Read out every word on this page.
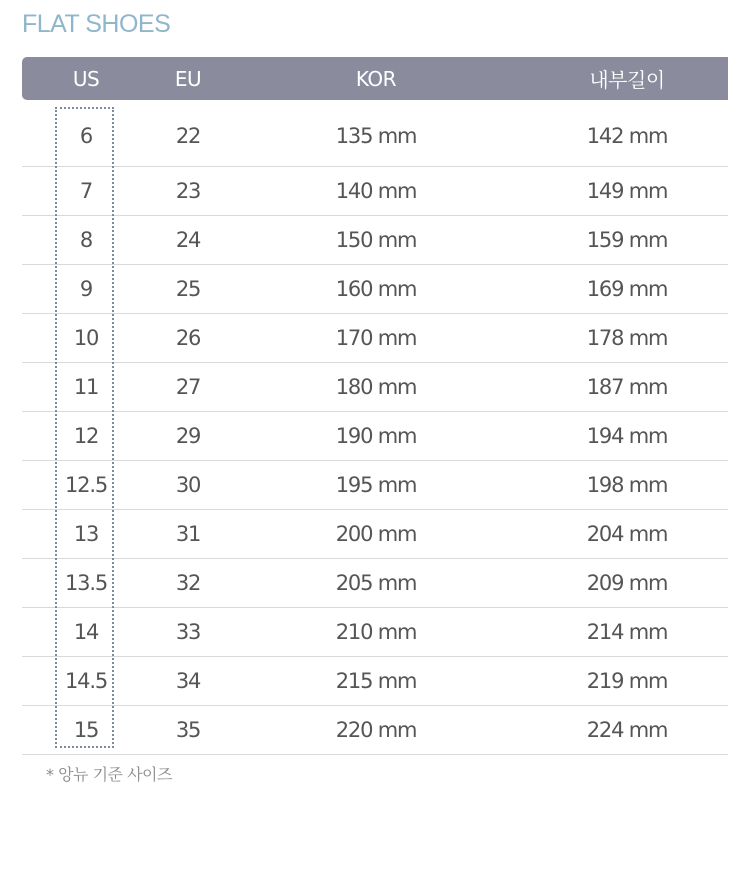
FLAT SHOES
US	EU	KOR	내부길이
6	22	135 mm	142 mm
7	23	140 mm	149 mm
8	24	150 mm	159 mm
9	25	160 mm	169 mm
10	26	170 mm	178 mm
11	27	180 mm	187 mm
12	29	190 mm	194 mm
12.5	30	195 mm	198 mm
13	31	200 mm	204 mm
13.5	32	205 mm	209 mm
14	33	210 mm	214 mm
14.5	34	215 mm	219 mm
15	35	220 mm	224 mm
* 앙뉴 기준 사이즈
